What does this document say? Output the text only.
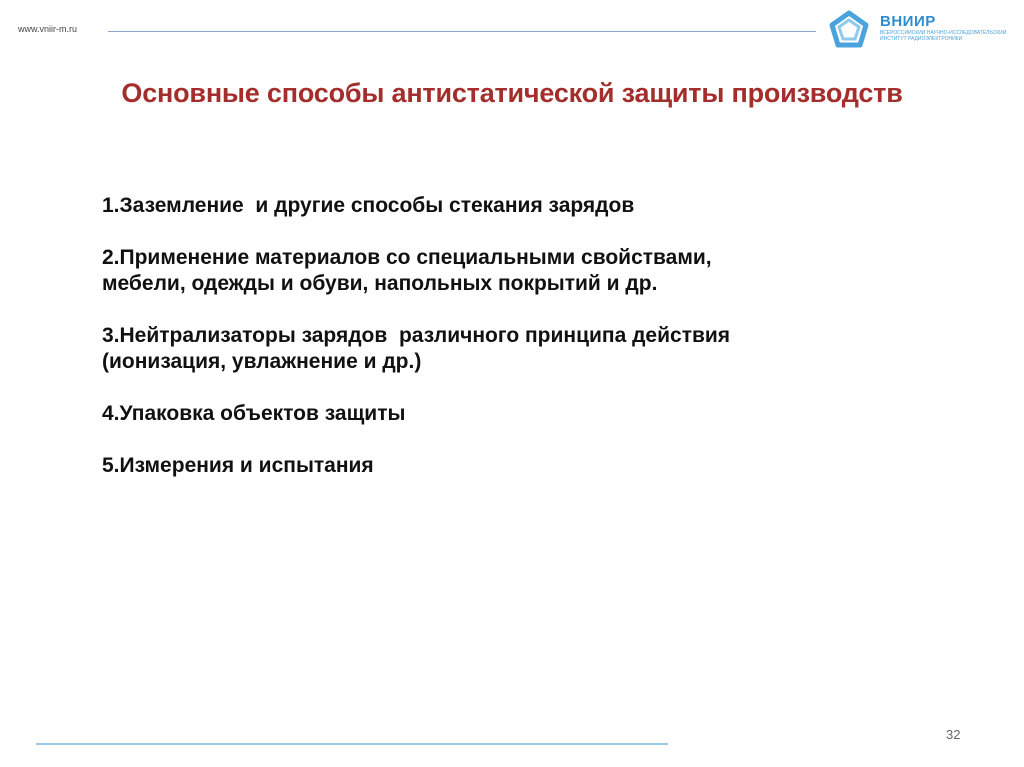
www.vniir-m.ru	ВНИИР
ВСЕРОССИЙСКИЙ НАУЧНО-ИССЛЕДОВАТЕЛЬСКИЙ
ИНСТИТУТ РАДИОЭЛЕКТРОНИКИ
Основные способы антистатической защиты производств
1.Заземление  и другие способы стекания зарядов
2.Применение материалов со специальными свойствами,
мебели, одежды и обуви, напольных покрытий и др.
3.Нейтрализаторы зарядов  различного принципа действия
(ионизация, увлажнение и др.)
4.Упаковка объектов защиты
5.Измерения и испытания
32
